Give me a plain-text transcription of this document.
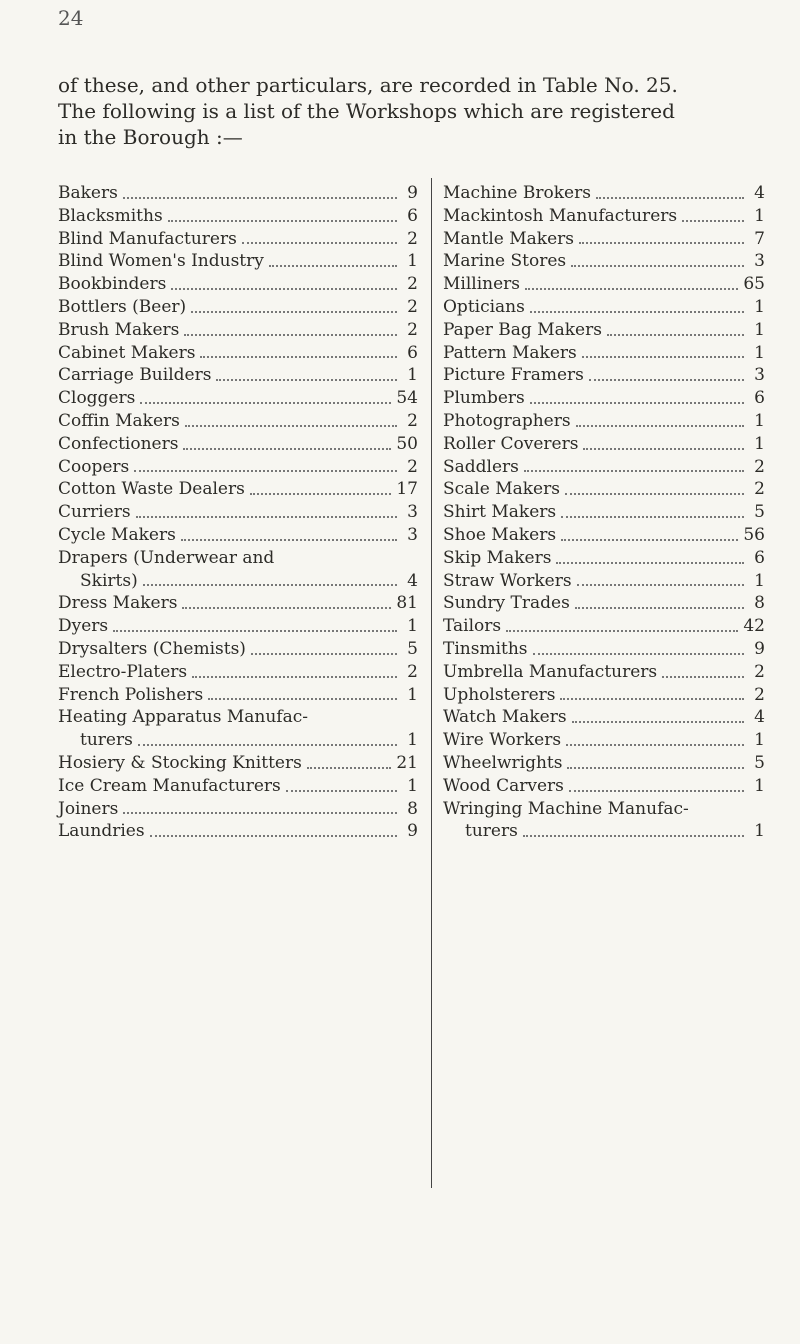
24

of these, and other particulars, are recorded in Table No. 25.

The following is a list of the Workshops which are registered

in the Borough :—

Bakers	9
Blacksmiths	6
Blind Manufacturers	2
Blind Women's Industry	1
Bookbinders	2
Bottlers (Beer)	2
Brush Makers	2
Cabinet Makers	6
Carriage Builders	1
Cloggers	54
Coffin Makers	2
Confectioners	50
Coopers	2
Cotton Waste Dealers	17
Curriers	3
Cycle Makers	3
Drapers (Underwear and
Skirts)	4
Dress Makers	81
Dyers	1
Drysalters (Chemists)	5
Electro-Platers	2
French Polishers	1
Heating Apparatus Manufac-
turers	1
Hosiery & Stocking Knitters	21
Ice Cream Manufacturers	1
Joiners	8
Laundries	9
Machine Brokers	4
Mackintosh Manufacturers	1
Mantle Makers	7
Marine Stores	3
Milliners	65
Opticians	1
Paper Bag Makers	1
Pattern Makers	1
Picture Framers	3
Plumbers	6
Photographers	1
Roller Coverers	1
Saddlers	2
Scale Makers	2
Shirt Makers	5
Shoe Makers	56
Skip Makers	6
Straw Workers	1
Sundry Trades	8
Tailors	42
Tinsmiths	9
Umbrella Manufacturers	2
Upholsterers	2
Watch Makers	4
Wire Workers	1
Wheelwrights	5
Wood Carvers	1
Wringing Machine Manufac-
turers	1
